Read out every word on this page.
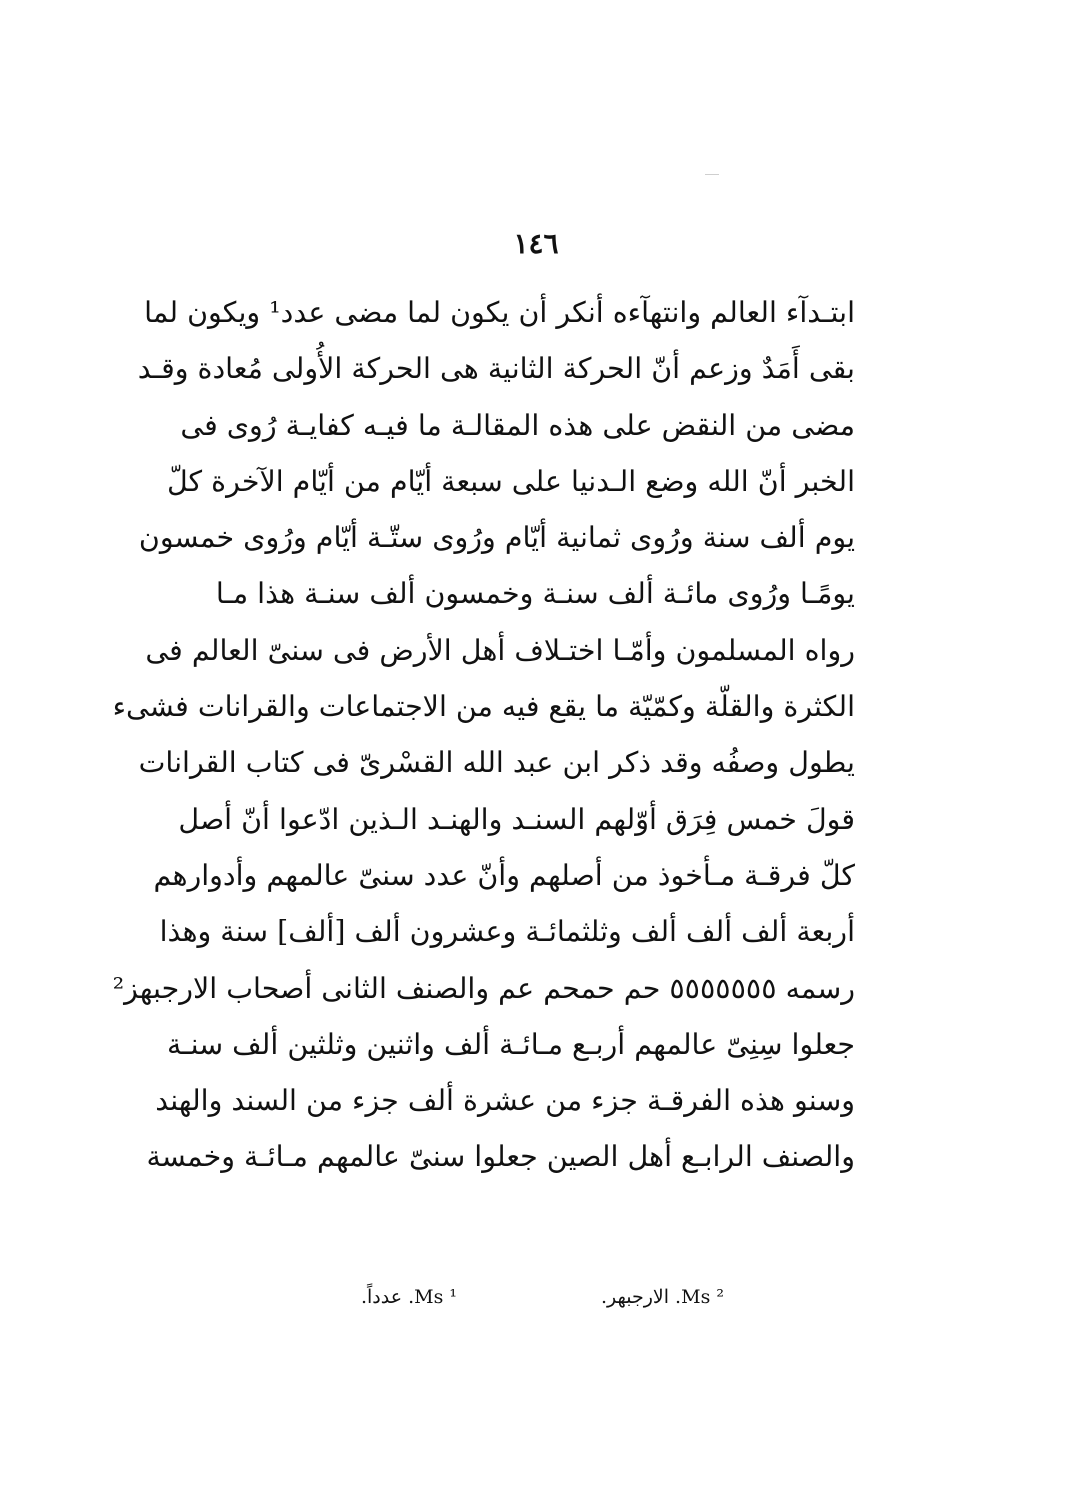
١٤٦
ابتـدآء العالم وانتهآءه أنكر أن يكون لما مضى عدد¹ ويكون لما
بقى أَمَدٌ وزعم أنّ الحركة الثانية هى الحركة الأُولى مُعادة وقـد
مضى من النقض على هذه المقالـة ما فيـه كفايـة رُوى فى
الخبر أنّ الله وضع الـدنيا على سبعة أيّام من أيّام الآخرة كلّ
يوم ألف سنة ورُوى ثمانية أيّام ورُوى ستّـة أيّام ورُوى خمسون
يومًـا ورُوى مائـة ألف سنـة وخمسون ألف سنـة هذا مـا
رواه المسلمون وأمّـا اختـلاف أهل الأرض فى سنىّ العالم فى
الكثرة والقلّة وكمّيّة ما يقع فيه من الاجتماعات والقرانات فشىء
يطول وصفُه وقد ذكر ابن عبد الله القسْرىّ فى كتاب القرانات
قولَ خمس فِرَق أوّلهم السنـد والهنـد الـذين ادّعوا أنّ أصل
كلّ فرقـة مـأخوذ من أصلهم وأنّ عدد سنىّ عالمهم وأدوارهم
أربعة ألف ألف ألف وثلثمائـة وعشرون ألف [ألف] سنة وهذا
رسمه ٥٥٥٥٥٥٥ حم حمحم عم والصنف الثانى أصحاب الارجبهز²
جعلوا سِنِىّ عالمهم أربـع مـائـة ألف واثنين وثلثين ألف سنـة
وسنو هذه الفرقـة جزء من عشرة ألف جزء من السند والهند
والصنف الرابـع أهل الصين جعلوا سنىّ عالمهم مـائـة وخمسة
¹ Ms. عدداً.	² Ms. الارجبهر.
